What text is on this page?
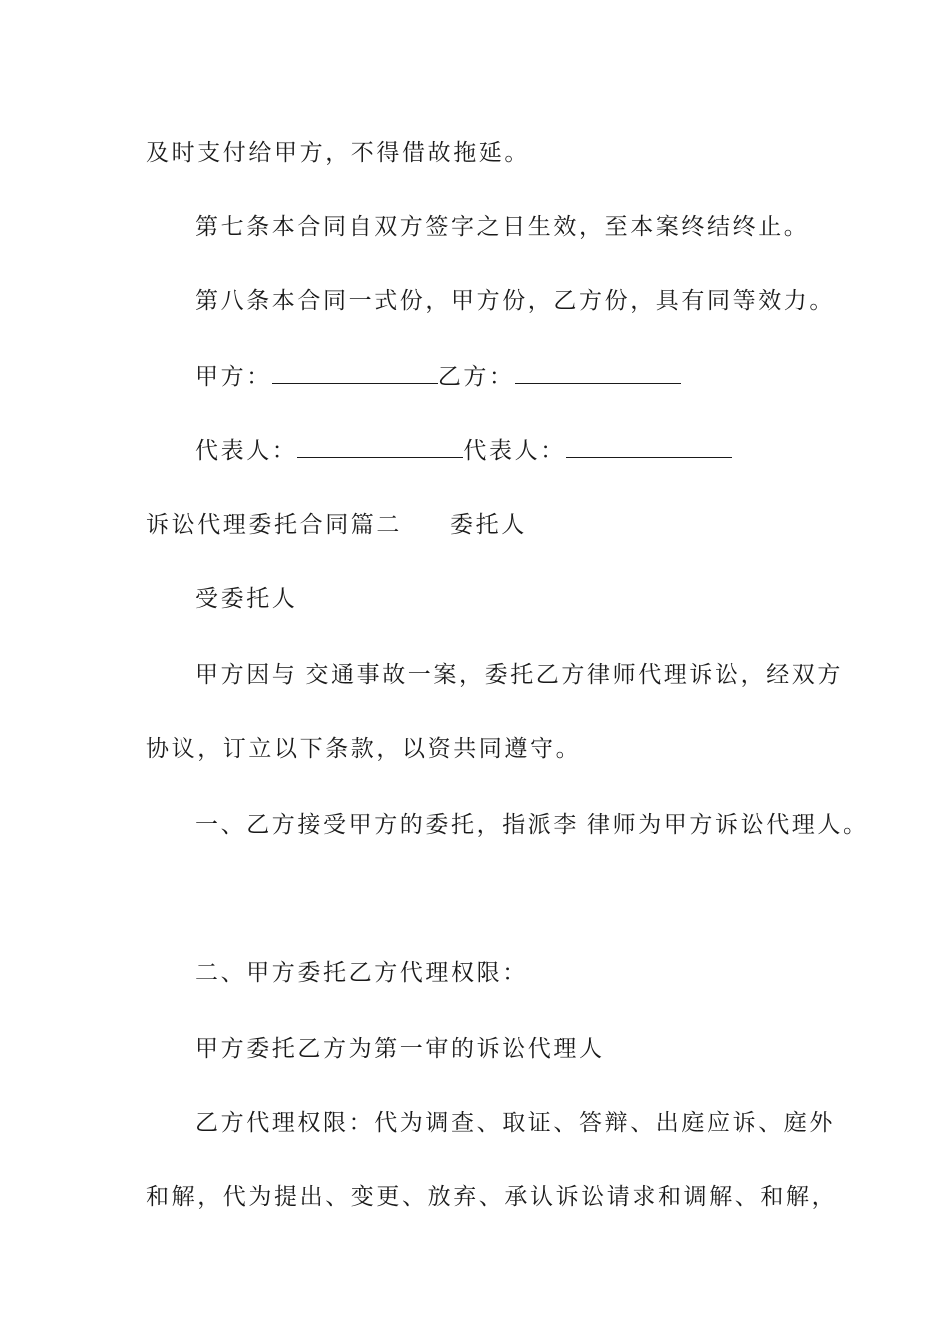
及时支付给甲方，不得借故拖延。
第七条本合同自双方签字之日生效，至本案终结终止。
第八条本合同一式份，甲方份，乙方份，具有同等效力。
甲方：	乙方：
代表人：	代表人：
诉讼代理委托合同篇二 委托人
受委托人
甲方因与 交通事故一案，委托乙方律师代理诉讼，经双方
协议，订立以下条款，以资共同遵守。
一、乙方接受甲方的委托，指派李 律师为甲方诉讼代理人。
二、甲方委托乙方代理权限：
甲方委托乙方为第一审的诉讼代理人
乙方代理权限：代为调查、取证、答辩、出庭应诉、庭外
和解，代为提出、变更、放弃、承认诉讼请求和调解、和解，
